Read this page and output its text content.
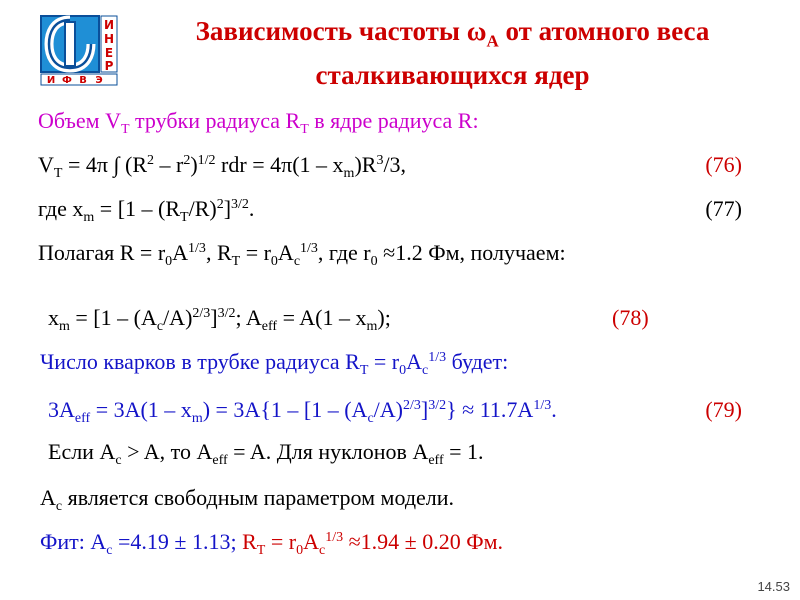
И
Н
Е
Р
И Ф В Э
Зависимость частоты $\omega_A$ от атомного веса
сталкивающихся ядер
Объем $V_T$ трубки радиуса $R_T$ в ядре радиуса R:
$V_T = 4\pi$ ∫ $(R^2 - r^2)^{1/2}$ rdr = $4\pi(1 - x_m)R^3/3$,
где $x_m = [1 - (R_T/R)^2]^{3/2}$.
Полагая $R = r_0A^{1/3}$, $R_T = r_0A_c^{1/3}$, где $r_0 \approx 1.2$ Фм, получаем:
$x_m = [1 - (A_c/A)^{2/3}]^{3/2}$; $A_{eff} = A(1 - x_m)$;
Число кварков в трубке радиуса $R_T = r_0A_c^{1/3}$ будет:
$3A_{eff} = 3A(1 - x_m) = 3A\{1 - [1 - (A_c/A)^{2/3}]^{3/2}\} \approx 11.7A^{1/3}$.
Если $A_c > A$, то $A_{eff} = A$. Для нуклонов $A_{eff} = 1$.
$A_c$ является свободным параметром модели.
Фит: $A_c =4.19 \pm 1.13$; $R_T = r_0A_c^{1/3} \approx 1.94 \pm 0.20$ Фм.
(76)
(77)
(78)
(79)
14.53
